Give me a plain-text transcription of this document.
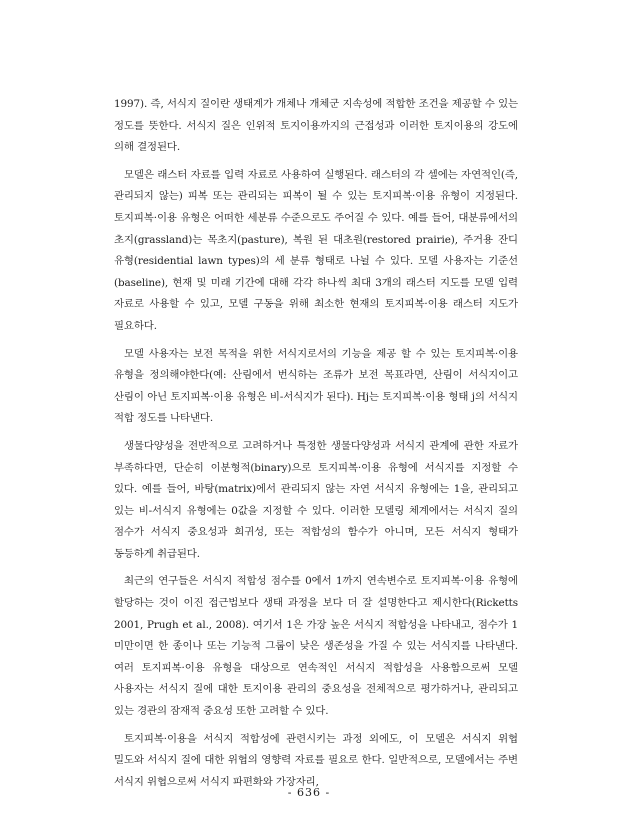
1997). 즉, 서식지 질이란 생태계가 개체나 개체군 지속성에 적합한 조건을 제공할 수 있는 정도를 뜻한다. 서식지 질은 인위적 토지이용까지의 근접성과 이러한 토지이용의 강도에 의해 결정된다.

모델은 래스터 자료를 입력 자료로 사용하여 실행된다. 래스터의 각 셀에는 자연적인(즉, 관리되지 않는) 피복 또는 관리되는 피복이 될 수 있는 토지피복·이용 유형이 지정된다. 토지피복·이용 유형은 어떠한 세분류 수준으로도 주어질 수 있다. 예를 들어, 대분류에서의 초지(grassland)는 목초지(pasture), 복원 된 대초원(restored prairie), 주거용 잔디 유형(residential lawn types)의 세 분류 형태로 나뉠 수 있다. 모델 사용자는 기준선(baseline), 현재 및 미래 기간에 대해 각각 하나씩 최대 3개의 래스터 지도를 모델 입력 자료로 사용할 수 있고, 모델 구동을 위해 최소한 현재의 토지피복·이용 래스터 지도가 필요하다.

모델 사용자는 보전 목적을 위한 서식지로서의 기능을 제공 할 수 있는 토지피복·이용 유형을 정의해야한다(예: 산림에서 번식하는 조류가 보전 목표라면, 산림이 서식지이고 산림이 아닌 토지피복·이용 유형은 비-서식지가 된다). Hj는 토지피복·이용 형태 j의 서식지 적합 정도를 나타낸다.

생물다양성을 전반적으로 고려하거나 특정한 생물다양성과 서식지 관계에 관한 자료가 부족하다면, 단순히 이분형적(binary)으로 토지피복·이용 유형에 서식지를 지정할 수 있다. 예를 들어, 바탕(matrix)에서 관리되지 않는 자연 서식지 유형에는 1을, 관리되고 있는 비-서식지 유형에는 0값을 지정할 수 있다. 이러한 모델링 체계에서는 서식지 질의 점수가 서식지 중요성과 희귀성, 또는 적합성의 함수가 아니며, 모든 서식지 형태가 동등하게 취급된다.

최근의 연구들은 서식지 적합성 점수를 0에서 1까지 연속변수로 토지피복·이용 유형에 할당하는 것이 이진 접근법보다 생태 과정을 보다 더 잘 설명한다고 제시한다(Ricketts 2001, Prugh et al., 2008). 여기서 1은 가장 높은 서식지 적합성을 나타내고, 점수가 1 미만이면 한 종이나 또는 기능적 그룹이 낮은 생존성을 가질 수 있는 서식지를 나타낸다. 여러 토지피복·이용 유형을 대상으로 연속적인 서식지 적합성을 사용함으로써 모델 사용자는 서식지 질에 대한 토지이용 관리의 중요성을 전체적으로 평가하거나, 관리되고 있는 경관의 잠재적 중요성 또한 고려할 수 있다.

토지피복·이용을 서식지 적합성에 관련시키는 과정 외에도, 이 모델은 서식지 위협 밀도와 서식지 질에 대한 위협의 영향력 자료를 필요로 한다. 일반적으로, 모델에서는 주변 서식지 위협으로써 서식지 파편화와 가장자리,

- 636 -
